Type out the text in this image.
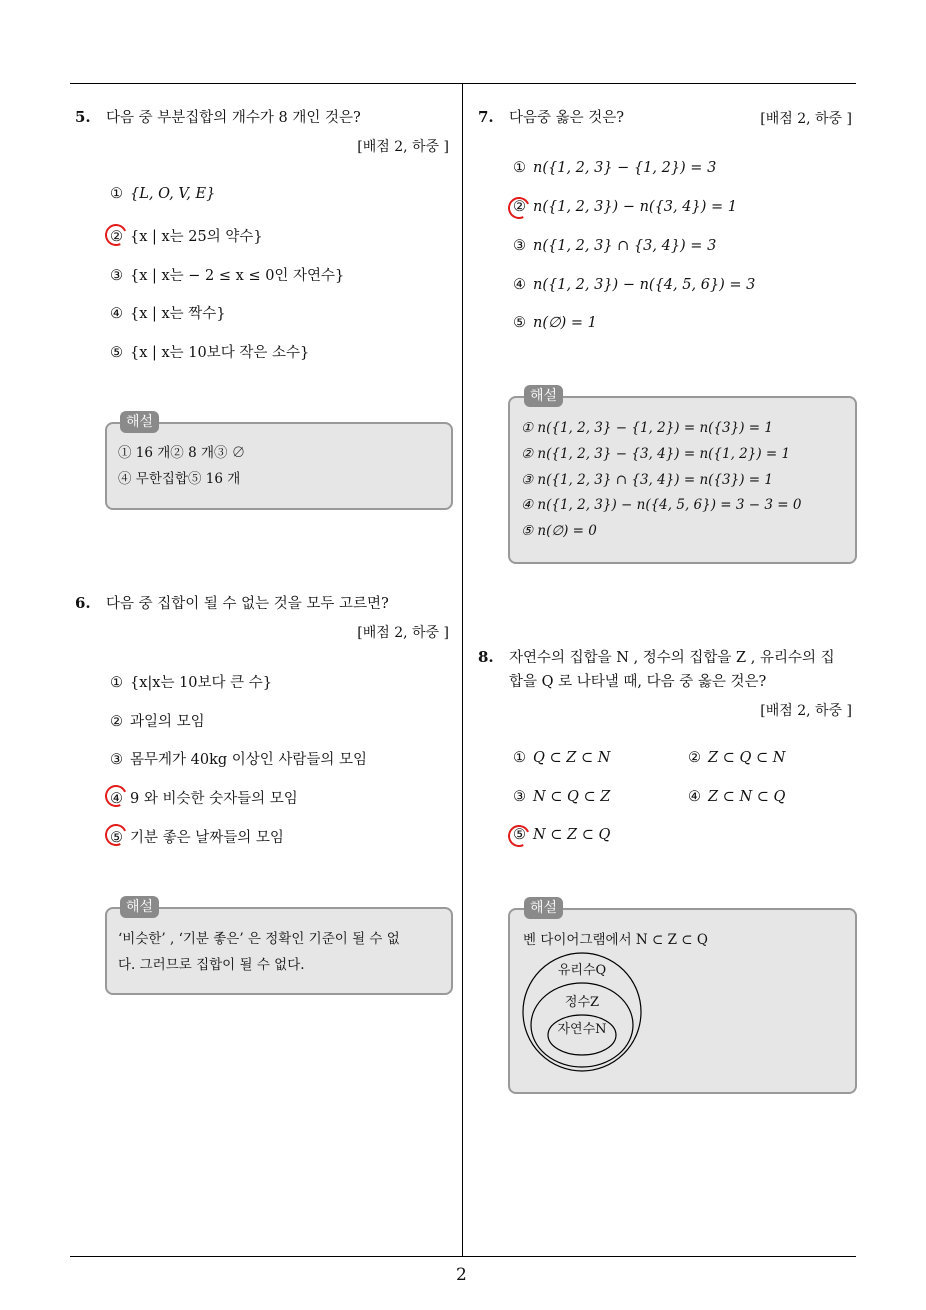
2
5. 다음 중 부분집합의 개수가 8 개인 것은?
[배점 2, 하중 ]
① {L, O, V, E}
② {x | x는 25의 약수}
③ {x | x는 − 2 ≤ x ≤ 0인 자연수}
④ {x | x는 짝수}
⑤ {x | x는 10보다 작은 소수}
해설
① 16 개② 8 개③ ∅
④ 무한집합⑤ 16 개
6. 다음 중 집합이 될 수 없는 것을 모두 고르면?
[배점 2, 하중 ]
① {x|x는 10보다 큰 수}
② 과일의 모임
③ 몸무게가 40kg 이상인 사람들의 모임
④ 9 와 비슷한 숫자들의 모임
⑤ 기분 좋은 날짜들의 모임
해설
‘비슷한’ , ‘기분 좋은’ 은 정확인 기준이 될 수 없
다. 그러므로 집합이 될 수 없다.
7. 다음중 옳은 것은?	[배점 2, 하중 ]
① n({1, 2, 3} − {1, 2}) = 3
② n({1, 2, 3}) − n({3, 4}) = 1
③ n({1, 2, 3} ∩ {3, 4}) = 3
④ n({1, 2, 3}) − n({4, 5, 6}) = 3
⑤ n(∅) = 1
해설
① n({1, 2, 3} − {1, 2}) = n({3}) = 1
② n({1, 2, 3} − {3, 4}) = n({1, 2}) = 1
③ n({1, 2, 3} ∩ {3, 4}) = n({3}) = 1
④ n({1, 2, 3}) − n({4, 5, 6}) = 3 − 3 = 0
⑤ n(∅) = 0
8. 자연수의 집합을 N , 정수의 집합을 Z , 유리수의 집
합을 Q 로 나타낼 때, 다음 중 옳은 것은?
[배점 2, 하중 ]
① Q ⊂ Z ⊂ N	② Z ⊂ Q ⊂ N
③ N ⊂ Q ⊂ Z	④ Z ⊂ N ⊂ Q
⑤ N ⊂ Z ⊂ Q
해설
벤 다이어그램에서 N ⊂ Z ⊂ Q
유리수Q
정수Z
자연수N
